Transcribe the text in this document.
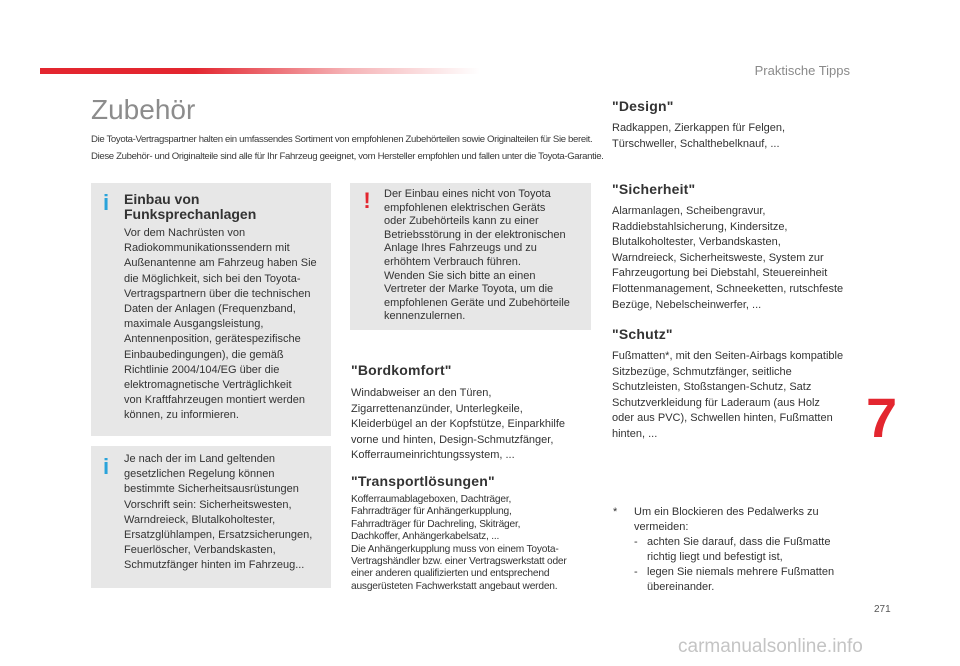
Praktische Tipps
Zubehör
Die Toyota-Vertragspartner halten ein umfassendes Sortiment von empfohlenen Zubehörteilen sowie Originalteilen für Sie bereit.
Diese Zubehör- und Originalteile sind alle für Ihr Fahrzeug geeignet, vom Hersteller empfohlen und fallen unter die Toyota-Garantie.
i Einbau von
Funksprechanlagen
Vor dem Nachrüsten von
Radiokommunikationssendern mit
Außenantenne am Fahrzeug haben Sie
die Möglichkeit, sich bei den Toyota-
Vertragspartnern über die technischen
Daten der Anlagen (Frequenzband,
maximale Ausgangsleistung,
Antennenposition, gerätespezifische
Einbaubedingungen), die gemäß
Richtlinie 2004/104/EG über die
elektromagnetische Verträglichkeit
von Kraftfahrzeugen montiert werden
können, zu informieren.
i Je nach der im Land geltenden
gesetzlichen Regelung können
bestimmte Sicherheitsausrüstungen
Vorschrift sein: Sicherheitswesten,
Warndreieck, Blutalkoholtester,
Ersatzglühlampen, Ersatzsicherungen,
Feuerlöscher, Verbandskasten,
Schmutzfänger hinten im Fahrzeug...
! Der Einbau eines nicht von Toyota
empfohlenen elektrischen Geräts
oder Zubehörteils kann zu einer
Betriebsstörung in der elektronischen
Anlage Ihres Fahrzeugs und zu
erhöhtem Verbrauch führen.
Wenden Sie sich bitte an einen
Vertreter der Marke Toyota, um die
empfohlenen Geräte und Zubehörteile
kennenzulernen.
"Bordkomfort"
Windabweiser an den Türen,
Zigarrettenanzünder, Unterlegkeile,
Kleiderbügel an der Kopfstütze, Einparkhilfe
vorne und hinten, Design-Schmutzfänger,
Kofferraumeinrichtungssystem, ...
"Transportlösungen"
Kofferraumablageboxen, Dachträger,
Fahrradträger für Anhängerkupplung,
Fahrradträger für Dachreling, Skiträger,
Dachkoffer, Anhängerkabelsatz, ...
Die Anhängerkupplung muss von einem Toyota-
Vertragshändler bzw. einer Vertragswerkstatt oder
einer anderen qualifizierten und entsprechend
ausgerüsteten Fachwerkstatt angebaut werden.
"Design"
Radkappen, Zierkappen für Felgen,
Türschweller, Schalthebelknauf, ...
"Sicherheit"
Alarmanlagen, Scheibengravur,
Raddiebstahlsicherung, Kindersitze,
Blutalkoholtester, Verbandskasten,
Warndreieck, Sicherheitsweste, System zur
Fahrzeugortung bei Diebstahl, Steuereinheit
Flottenmanagement, Schneeketten, rutschfeste
Bezüge, Nebelscheinwerfer, ...
"Schutz"
Fußmatten*, mit den Seiten-Airbags kompatible
Sitzbezüge, Schmutzfänger, seitliche
Schutzleisten, Stoßstangen-Schutz, Satz
Schutzverkleidung für Laderaum (aus Holz
oder aus PVC), Schwellen hinten, Fußmatten
hinten, ...	7
* Um ein Blockieren des Pedalwerks zu
vermeiden:
- achten Sie darauf, dass die Fußmatte
richtig liegt und befestigt ist,
- legen Sie niemals mehrere Fußmatten
übereinander.
271
carmanualsonline.info
